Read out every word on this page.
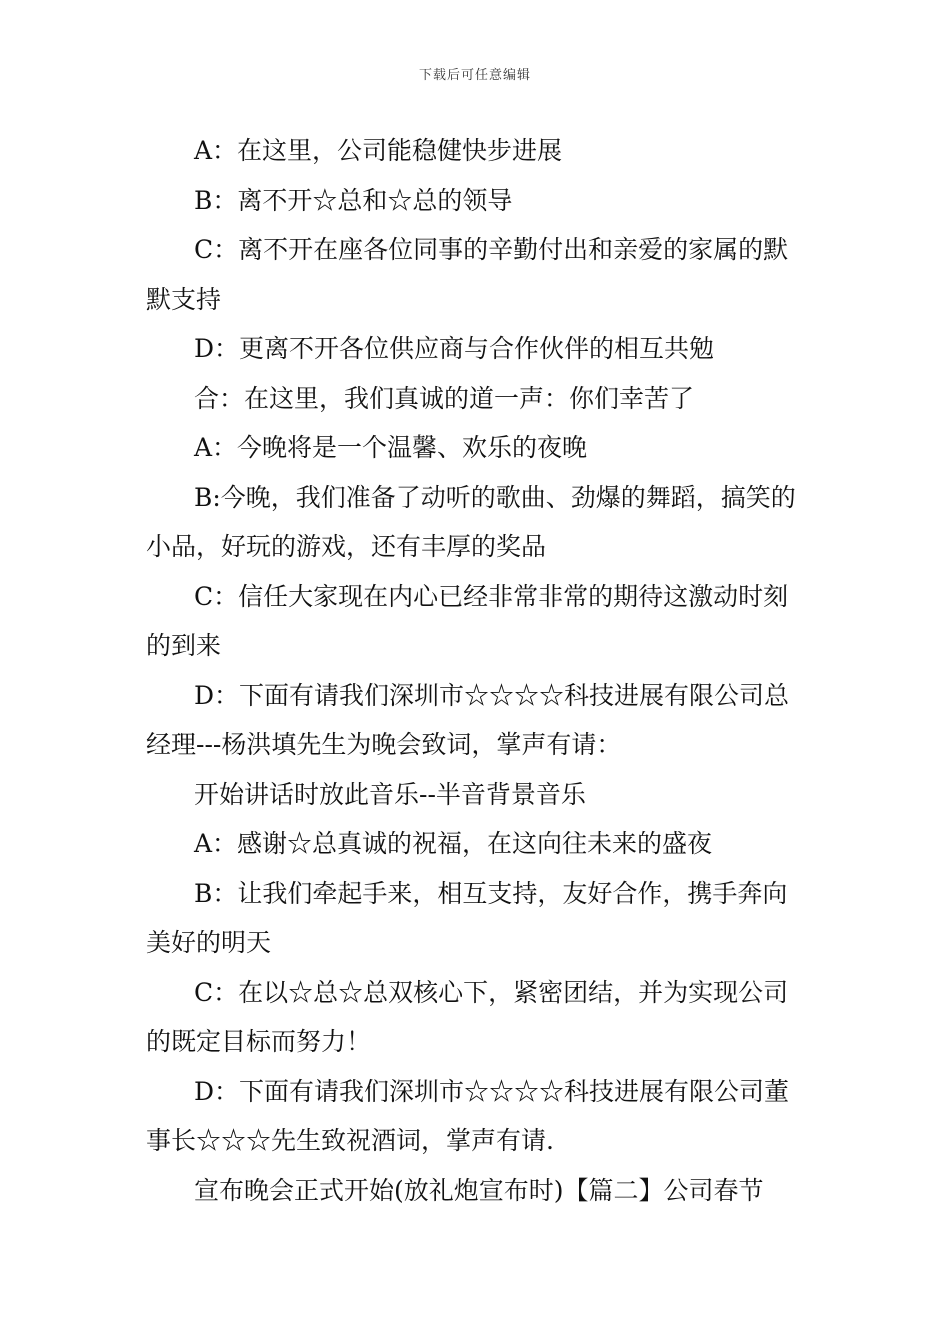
下载后可任意编辑

A：在这里，公司能稳健快步进展

B：离不开☆总和☆总的领导

C：离不开在座各位同事的辛勤付出和亲爱的家属的默默支持

D：更离不开各位供应商与合作伙伴的相互共勉

合：在这里，我们真诚的道一声：你们幸苦了

A：今晚将是一个温馨、欢乐的夜晚

B:今晚，我们准备了动听的歌曲、劲爆的舞蹈，搞笑的小品，好玩的游戏，还有丰厚的奖品

C：信任大家现在内心已经非常非常的期待这激动时刻的到来

D：下面有请我们深圳市☆☆☆☆科技进展有限公司总经理---杨洪填先生为晚会致词，掌声有请：

开始讲话时放此音乐--半音背景音乐

A：感谢☆总真诚的祝福，在这向往未来的盛夜

B：让我们牵起手来，相互支持，友好合作，携手奔向美好的明天

C：在以☆总☆总双核心下，紧密团结，并为实现公司的既定目标而努力！

D：下面有请我们深圳市☆☆☆☆科技进展有限公司董事长☆☆☆先生致祝酒词，掌声有请.

宣布晚会正式开始(放礼炮宣布时)【篇二】公司春节
